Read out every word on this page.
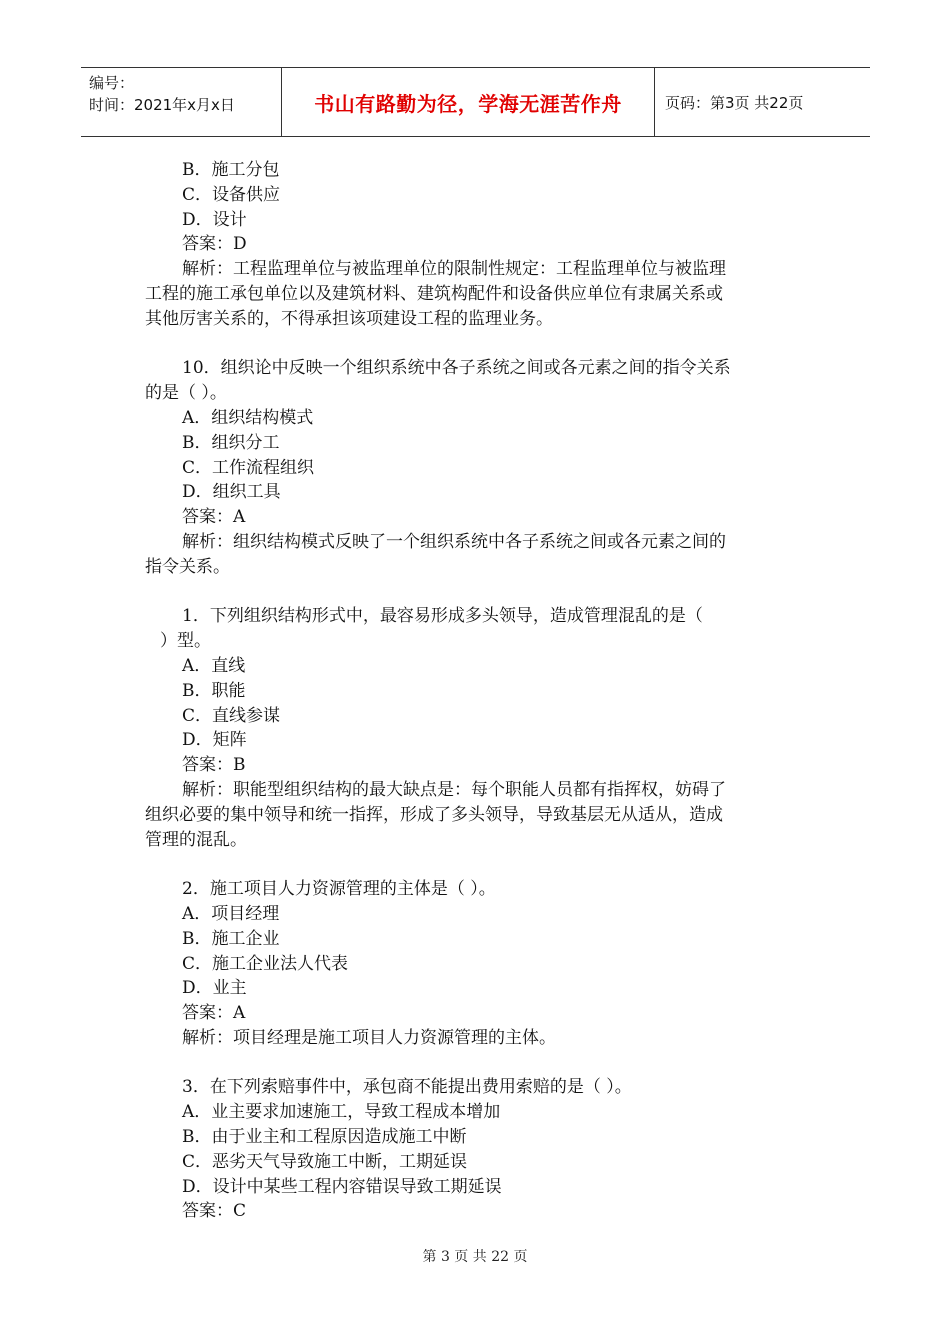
编号：
时间：2021年x月x日	书山有路勤为径，学海无涯苦作舟	页码：第3页 共22页
B．施工分包
C．设备供应
D．设计
答案：D
解析：工程监理单位与被监理单位的限制性规定：工程监理单位与被监理
工程的施工承包单位以及建筑材料、建筑构配件和设备供应单位有隶属关系或
其他厉害关系的，不得承担该项建设工程的监理业务。
10．组织论中反映一个组织系统中各子系统之间或各元素之间的指令关系
的是（ ）。
A．组织结构模式
B．组织分工
C．工作流程组织
D．组织工具
答案：A
解析：组织结构模式反映了一个组织系统中各子系统之间或各元素之间的
指令关系。
1．下列组织结构形式中，最容易形成多头领导，造成管理混乱的是（
）型。
A．直线
B．职能
C．直线参谋
D．矩阵
答案：B
解析：职能型组织结构的最大缺点是：每个职能人员都有指挥权，妨碍了
组织必要的集中领导和统一指挥，形成了多头领导，导致基层无从适从，造成
管理的混乱。
2．施工项目人力资源管理的主体是（ ）。
A．项目经理
B．施工企业
C．施工企业法人代表
D．业主
答案：A
解析：项目经理是施工项目人力资源管理的主体。
3．在下列索赔事件中，承包商不能提出费用索赔的是（ ）。
A．业主要求加速施工，导致工程成本增加
B．由于业主和工程原因造成施工中断
C．恶劣天气导致施工中断，工期延误
D．设计中某些工程内容错误导致工期延误
答案：C
第 3 页 共 22 页
